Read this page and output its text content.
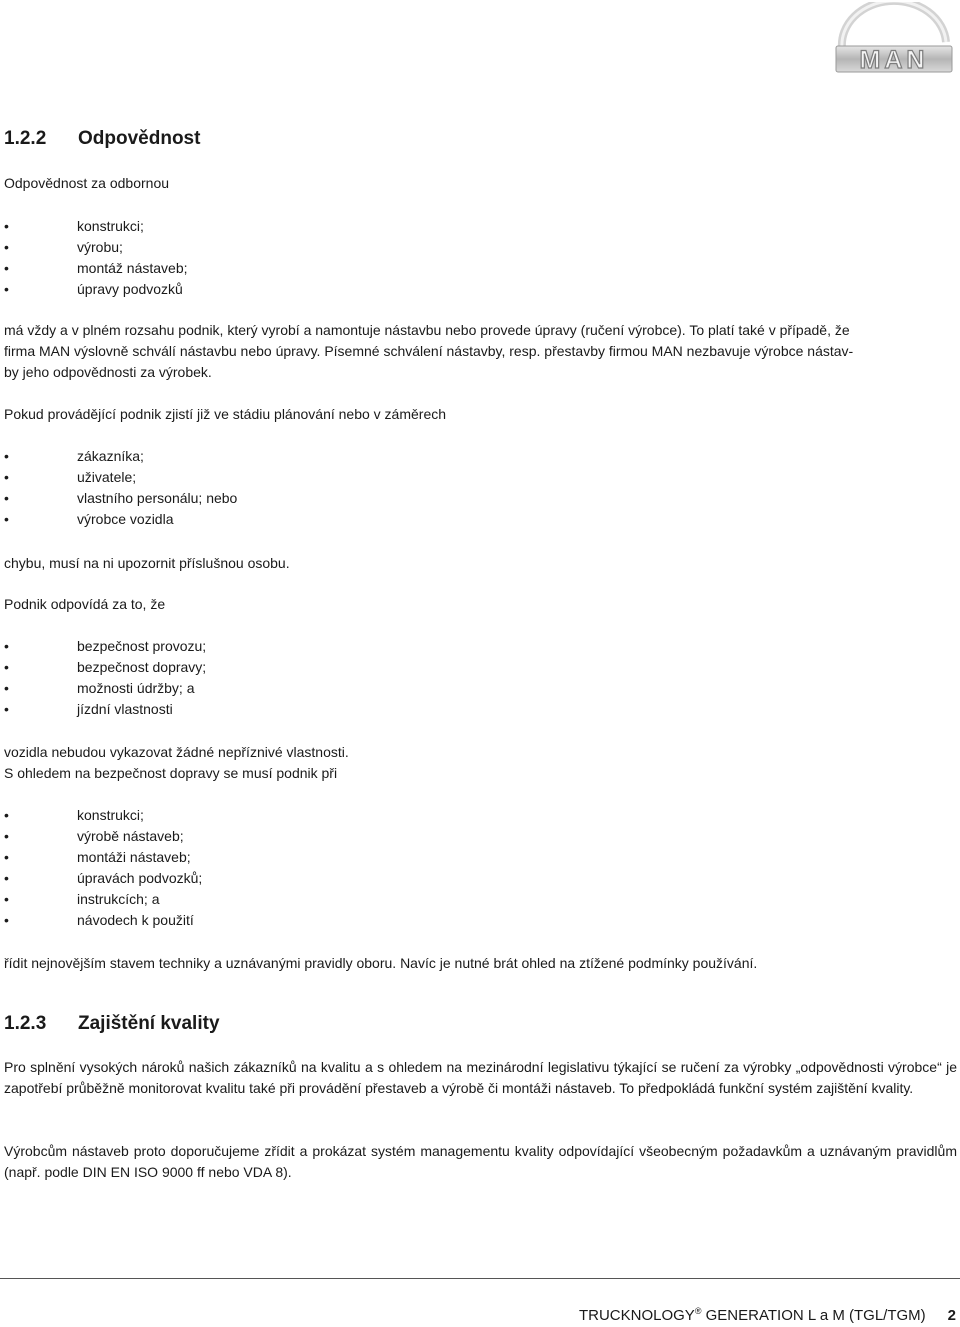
MAN
1.2.2 Odpovědnost
Odpovědnost za odbornou
•	konstrukci;
•	výrobu;
•	montáž nástaveb;
•	úpravy podvozků
má vždy a v plném rozsahu podnik, který vyrobí a namontuje nástavbu nebo provede úpravy (ručení výrobce). To platí také v případě, že
firma MAN výslovně schválí nástavbu nebo úpravy. Písemné schválení nástavby, resp. přestavby firmou MAN nezbavuje výrobce nástav-
by jeho odpovědnosti za výrobek.
Pokud provádějící podnik zjistí již ve stádiu plánování nebo v záměrech
•	zákazníka;
•	uživatele;
•	vlastního personálu; nebo
•	výrobce vozidla
chybu, musí na ni upozornit příslušnou osobu.
Podnik odpovídá za to, že
•	bezpečnost provozu;
•	bezpečnost dopravy;
•	možnosti údržby; a
•	jízdní vlastnosti
vozidla nebudou vykazovat žádné nepříznivé vlastnosti.
S ohledem na bezpečnost dopravy se musí podnik při
•	konstrukci;
•	výrobě nástaveb;
•	montáži nástaveb;
•	úpravách podvozků;
•	instrukcích; a
•	návodech k použití
řídit nejnovějším stavem techniky a uznávanými pravidly oboru. Navíc je nutné brát ohled na ztížené podmínky používání.
1.2.3 Zajištění kvality
Pro splnění vysokých nároků našich zákazníků na kvalitu a s ohledem na mezinárodní legislativu týkající se ručení za výrobky „odpovědnosti výrobce“ je zapotřebí průběžně monitorovat kvalitu také při provádění přestaveb a výrobě či montáži nástaveb. To předpokládá funkční systém zajištění kvality.
Výrobcům nástaveb proto doporučujeme zřídit a prokázat systém managementu kvality odpovídající všeobecným požadavkům a uznávaným pravidlům (např. podle DIN EN ISO 9000 ff nebo VDA 8).
TRUCKNOLOGY® GENERATION L a M (TGL/TGM) 2
